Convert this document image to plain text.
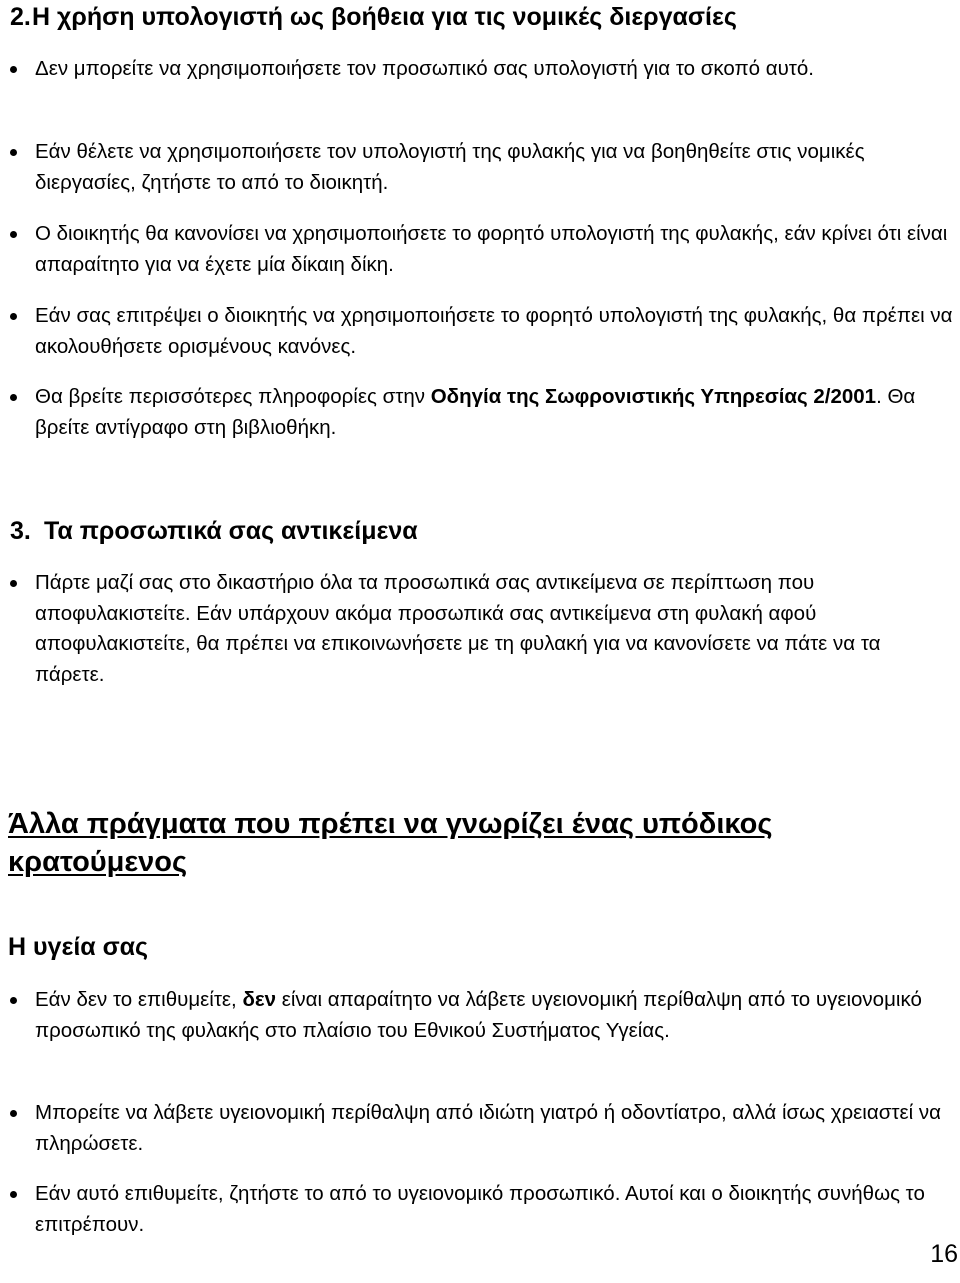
2.Η χρήση υπολογιστή ως βοήθεια για τις νομικές διεργασίες

Δεν μπορείτε να χρησιμοποιήσετε τον προσωπικό σας υπολογιστή για το σκοπό αυτό.

Εάν θέλετε να χρησιμοποιήσετε τον υπολογιστή της φυλακής για να βοηθηθείτε στις νομικές διεργασίες, ζητήστε το από το διοικητή.

Ο διοικητής θα κανονίσει να χρησιμοποιήσετε το φορητό υπολογιστή της φυλακής, εάν κρίνει ότι είναι απαραίτητο για να έχετε μία δίκαιη δίκη.

Εάν σας επιτρέψει ο διοικητής να χρησιμοποιήσετε το φορητό υπολογιστή της φυλακής, θα πρέπει να ακολουθήσετε ορισμένους κανόνες.

Θα βρείτε περισσότερες πληροφορίες στην Οδηγία της Σωφρονιστικής Υπηρεσίας 2/2001. Θα βρείτε αντίγραφο στη βιβλιοθήκη.

3. Τα προσωπικά σας αντικείμενα

Πάρτε μαζί σας στο δικαστήριο όλα τα προσωπικά σας αντικείμενα σε περίπτωση που αποφυλακιστείτε. Εάν υπάρχουν ακόμα προσωπικά σας αντικείμενα στη φυλακή αφού αποφυλακιστείτε, θα πρέπει να επικοινωνήσετε με τη φυλακή για να κανονίσετε να πάτε να τα πάρετε.

Άλλα πράγματα που πρέπει να γνωρίζει ένας υπόδικος κρατούμενος
Η υγεία σας

Εάν δεν το επιθυμείτε, δεν είναι απαραίτητο να λάβετε υγειονομική περίθαλψη από το υγειονομικό προσωπικό της φυλακής στο πλαίσιο του Εθνικού Συστήματος Υγείας.

Μπορείτε να λάβετε υγειονομική περίθαλψη από ιδιώτη γιατρό ή οδοντίατρο, αλλά ίσως χρειαστεί να πληρώσετε.

Εάν αυτό επιθυμείτε, ζητήστε το από το υγειονομικό προσωπικό. Αυτοί και ο διοικητής συνήθως το επιτρέπουν.

16
